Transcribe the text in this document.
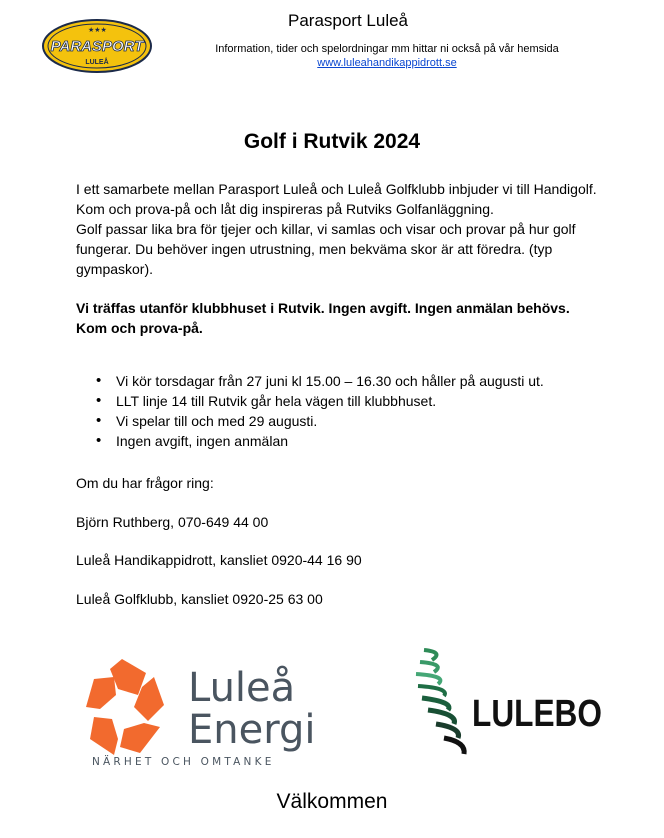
★★★
PARASPORT
LULEÅ
Parasport Luleå
Information, tider och spelordningar mm hittar ni också på vår hemsida
www.luleahandikappidrott.se
Golf i Rutvik 2024
I ett samarbete mellan Parasport Luleå och Luleå Golfklubb inbjuder vi till Handigolf.
Kom och prova-på och låt dig inspireras på Rutviks Golfanläggning.
Golf passar lika bra för tjejer och killar, vi samlas och visar och provar på hur golf
fungerar. Du behöver ingen utrustning, men bekväma skor är att föredra. (typ
gympaskor).
Vi träffas utanför klubbhuset i Rutvik. Ingen avgift. Ingen anmälan behövs.
Kom och prova-på.
• Vi kör torsdagar från 27 juni kl 15.00 – 16.30 och håller på augusti ut.
• LLT linje 14 till Rutvik går hela vägen till klubbhuset.
• Vi spelar till och med 29 augusti.
• Ingen avgift, ingen anmälan
Om du har frågor ring:
Björn Ruthberg, 070-649 44 00
Luleå Handikappidrott, kansliet 0920-44 16 90
Luleå Golfklubb, kansliet 0920-25 63 00
Luleå
Energi
NÄRHET OCH OMTANKE
LULEBO
Välkommen
